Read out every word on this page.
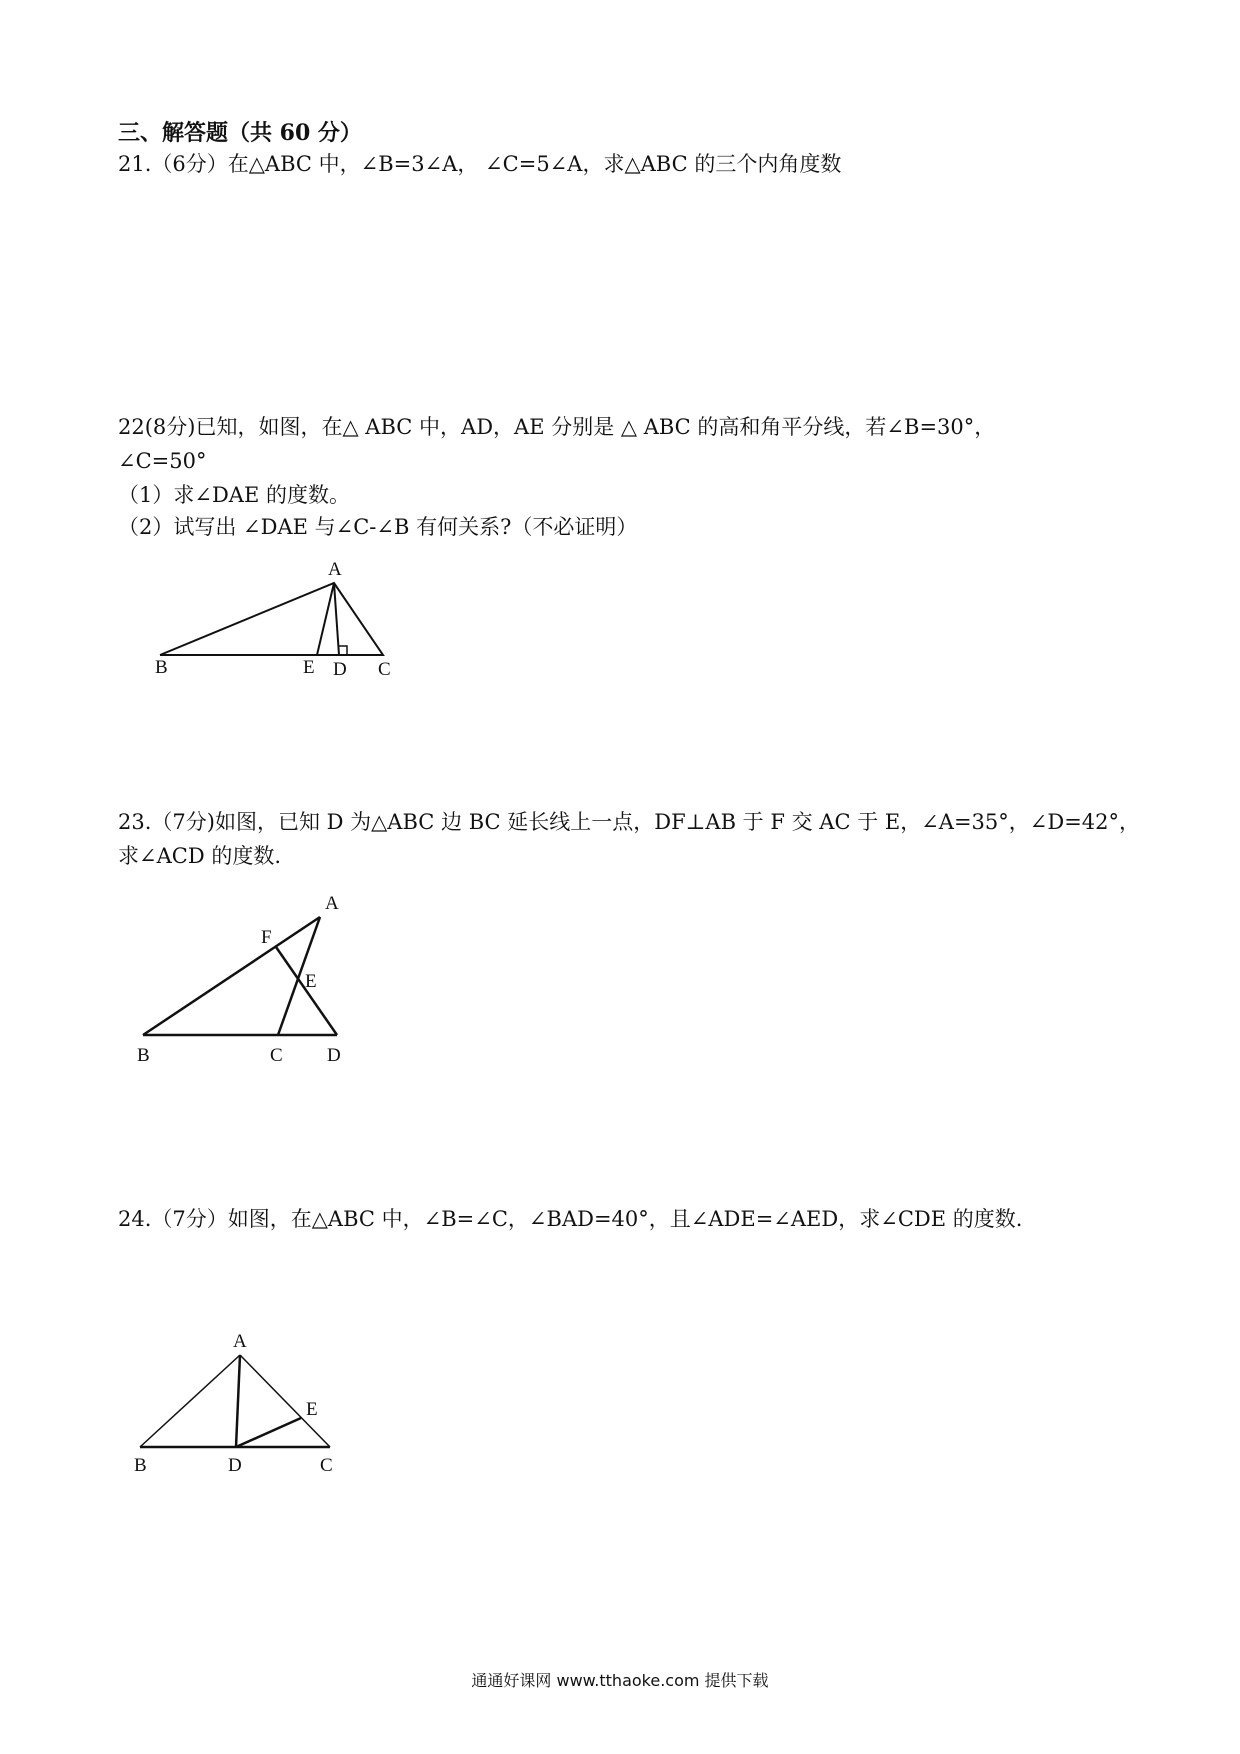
三、解答题（共 60 分）
21.（6分）在△ABC 中，∠B=3∠A， ∠C=5∠A，求△ABC 的三个内角度数
22(8分)已知，如图，在△ ABC 中，AD，AE 分别是 △ ABC 的高和角平分线，若∠B=30°，
∠C=50°
（1）求∠DAE 的度数。
（2）试写出 ∠DAE 与∠C-∠B 有何关系?（不必证明）
A
B	E D C
23.（7分)如图，已知 D 为△ABC 边 BC 延长线上一点，DF⊥AB 于 F 交 AC 于 E，∠A=35°，∠D=42°，
求∠ACD 的度数.
A
F
E
B	C D
24.（7分）如图，在△ABC 中，∠B=∠C，∠BAD=40°，且∠ADE=∠AED，求∠CDE 的度数.
A
E
B	D	C
通通好课网 www.tthaoke.com 提供下载
